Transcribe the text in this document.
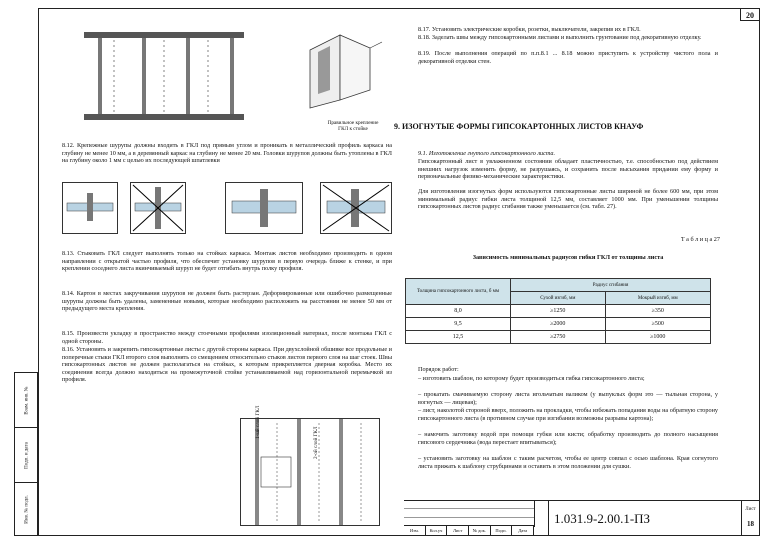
20
Взам. инв. №
Подп. и дата
Инв. № подл.
Правильное крепление
ГКЛ к стойке
8.12. Крепежные шурупы должны входить в ГКЛ под прямым углом и проникать в металлический профиль каркаса на глубину не менее 10 мм, а в деревянный каркас на глубину не менее 20 мм. Головки шурупов должны быть утоплены в ГКЛ на глубину около 1 мм с целью их последующей шпатлевки
8.13. Стыковать ГКЛ следует выполнять только на стойках каркаса. Монтаж листов необходимо производить в одном направлении с открытой частью профиля, что обеспечит установку шурупов в первую очередь ближе к стенке, и при креплении соседнего листа вкинчиваемый шуруп не будет отгибать внутрь полку профиля.
8.14. Картон в местах закручивания шурупов не должен быть растерзан. Деформированные или ошибочно размещенные шурупы должны быть удалены, замененные новыми, которые необходимо расположить на расстоянии не менее 50 мм от предыдущего места крепления.
8.15. Произвести укладку в пространство между стоечными профилями изоляционный материал, после монтажа ГКЛ с одной стороны.
8.16. Установить и закрепить гипсокартонные листы с другой стороны каркаса. При двухслойной обшивке все продольные и поперечные стыки ГКЛ второго слоя выполнять со смещением относительно стыков листов первого слоя на шаг стоек. Швы гипсокартонных листов не должен располагаться на стойках, к которым прикрепляется дверная коробка. Место их соединения всегда должно находиться на промежуточной стойке устанавливаемой над горизонтальной перемычкой из профиля.
1-ый слой ГКЛ
2-ой слой ГКЛ
8.17. Установить электрические коробки, розетки, выключатели, закрепив их в ГКЛ.
8.18. Заделать швы между гипсокартонными листами и выполнить грунтование под декоративную отделку.
8.19. После выполнения операций по п.п.8.1 ... 8.18 можно приступить к устройству чистого пола и декоративной отделки стен.
9. ИЗОГНУТЫЕ ФОРМЫ ГИПСОКАРТОННЫХ ЛИСТОВ КНАУФ
9.1. Изготовление гнутого гипсокартонного листа.
Гипсокартонный лист в увлажненном состоянии обладает пластичностью, т.е. способностью под действием внешних нагрузок изменить форму, не разрушаясь, и сохранить после высыхания придании ему форму и первоначальные физико-механические характеристики.
Для изготовления изогнутых форм используются гипсокартонные листы шириной не более 600 мм, при этом минимальный радиус гибки листа толщиной 12,5 мм, составляет 1000 мм. При уменьшении толщины гипсокартонных листов радиус сгибания также уменьшается (см. табл. 27).
Т а б л и ц а 27
Зависимость минимальных радиусов гибки ГКЛ от толщины листа
Толщина гипсокартонного листа, б мм	Радиус сгибания	
	Сухой изгиб, мм	Мокрый изгиб, мм
8,0	≥1250	≥350
9,5	≥2000	≥500
12,5	≥2750	≥1000
Порядок работ:
– изготовить шаблон, по которому будет производиться гибка гипсокартонного листа;
– прокатать смачиваемую сторону листа игольчатым валиком (у выпуклых форм это — тыльная сторона, у вогнутых — лицевая);
– лист, наколотой стороной вверх, положить на прокладки, чтобы избежать попадания воды на обратную сторону гипсокартонного листа (в противном случае при изгибании возможны разрывы картона);
– намочить заготовку водой при помощи губки или кисти; обработку производить до полного насыщения гипсового сердечника (вода перестает впитываться);
– установить заготовку на шаблон с таким расчетом, чтобы ее центр совпал с осью шаблона. Края согнутого листа прижать к шаблону струбцинами и оставить в этом положении для сушки.
Изм.	Кол.уч	Лист	№ док.	Подп.	Дата
1.031.9-2.00.1-ПЗ
Лист
18
